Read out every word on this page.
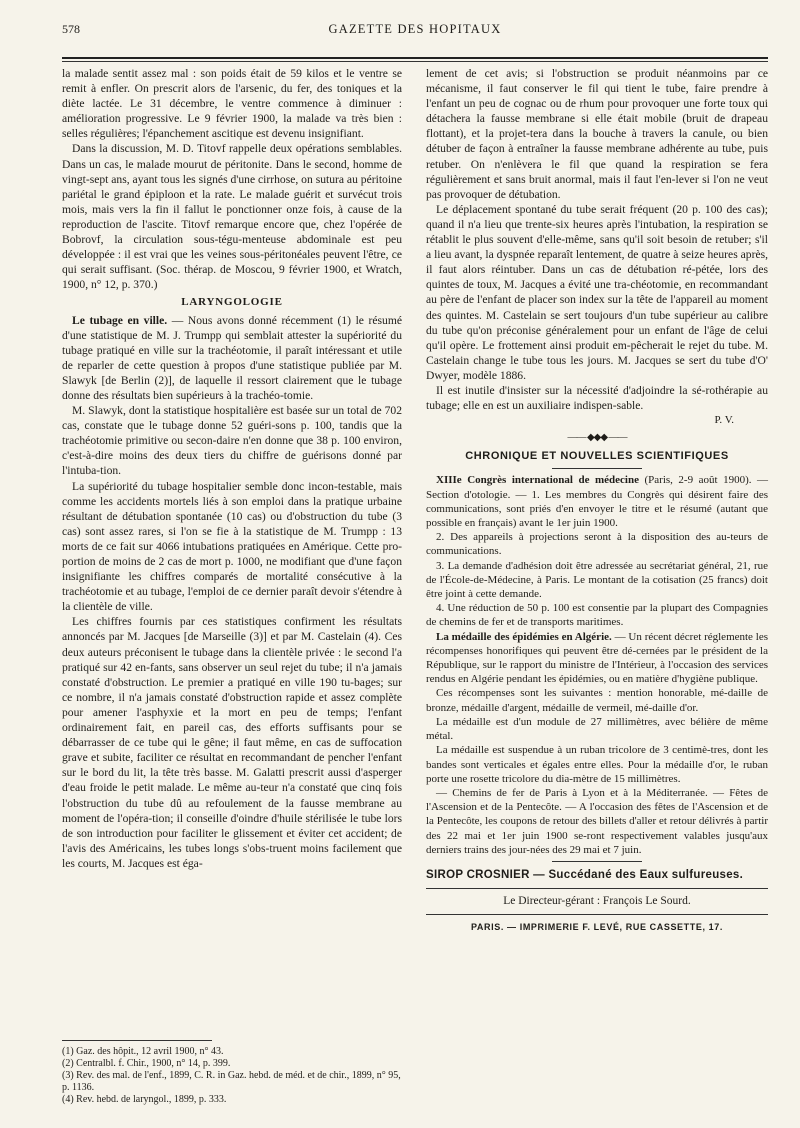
578	GAZETTE DES HOPITAUX

la malade sentit assez mal : son poids était de 59 kilos et le ventre se remit à enfler. On prescrit alors de l'arsenic, du fer, des toniques et la diète lactée. Le 31 décembre, le ventre commence à diminuer : amélioration progressive. Le 9 février 1900, la malade va très bien : selles régulières; l'épanchement ascitique est devenu insignifiant.

Dans la discussion, M. D. Titovf rappelle deux opérations semblables. Dans un cas, le malade mourut de péritonite. Dans le second, homme de vingt-sept ans, ayant tous les signés d'une cirrhose, on sutura au péritoine pariétal le grand épiploon et la rate. Le malade guérit et survécut trois mois, mais vers la fin il fallut le ponctionner onze fois, à cause de la reproduction de l'ascite. Titovf remarque encore que, chez l'opérée de Bobrovf, la circulation sous-tégu-menteuse abdominale est peu développée : il est vrai que les veines sous-péritonéales peuvent l'être, ce qui serait suffisant. (Soc. thérap. de Moscou, 9 février 1900, et Wratch, 1900, n° 12, p. 370.)

LARYNGOLOGIE

Le tubage en ville. — Nous avons donné récemment (1) le résumé d'une statistique de M. J. Trumpp qui semblait attester la supériorité du tubage pratiqué en ville sur la trachéotomie, il paraît intéressant et utile de reparler de cette question à propos d'une statistique publiée par M. Slawyk [de Berlin (2)], de laquelle il ressort clairement que le tubage donne des résultats bien supérieurs à la trachéo-tomie.

M. Slawyk, dont la statistique hospitalière est basée sur un total de 702 cas, constate que le tubage donne 52 guéri-sons p. 100, tandis que la trachéotomie primitive ou secon-daire n'en donne que 38 p. 100 environ, c'est-à-dire moins des deux tiers du chiffre de guérisons donné par l'intuba-tion.

La supériorité du tubage hospitalier semble donc incon-testable, mais comme les accidents mortels liés à son emploi dans la pratique urbaine résultant de détubation spontanée (10 cas) ou d'obstruction du tube (3 cas) sont assez rares, si l'on se fie à la statistique de M. Trumpp : 13 morts de ce fait sur 4066 intubations pratiquées en Amérique. Cette pro-portion de moins de 2 cas de mort p. 1000, ne modifiant que d'une façon insignifiante les chiffres comparés de mortalité consécutive à la trachéotomie et au tubage, l'emploi de ce dernier paraît devoir s'étendre à la clientèle de ville.

Les chiffres fournis par ces statistiques confirment les résultats annoncés par M. Jacques [de Marseille (3)] et par M. Castelain (4). Ces deux auteurs préconisent le tubage dans la clientèle privée : le second l'a pratiqué sur 42 en-fants, sans observer un seul rejet du tube; il n'a jamais constaté d'obstruction. Le premier a pratiqué en ville 190 tu-bages; sur ce nombre, il n'a jamais constaté d'obstruction rapide et assez complète pour amener l'asphyxie et la mort en peu de temps; l'enfant ordinairement fait, en pareil cas, des efforts suffisants pour se débarrasser de ce tube qui le gêne; il faut même, en cas de suffocation grave et subite, faciliter ce résultat en recommandant de pencher l'enfant sur le bord du lit, la tête très basse. M. Galatti prescrit aussi d'asperger d'eau froide le petit malade. Le même au-teur n'a constaté que cinq fois l'obstruction du tube dû au refoulement de la fausse membrane au moment de l'opéra-tion; il conseille d'oindre d'huile stérilisée le tube lors de son introduction pour faciliter le glissement et éviter cet accident; de l'avis des Américains, les tubes longs s'obs-truent moins facilement que les courts, M. Jacques est éga-

(1) Gaz. des hôpit., 12 avril 1900, n° 43.
(2) Centralbl. f. Chir., 1900, n° 14, p. 399.
(3) Rev. des mal. de l'enf., 1899, C. R. in Gaz. hebd. de méd. et de chir., 1899, n° 95, p. 1136.
(4) Rev. hebd. de laryngol., 1899, p. 333.

lement de cet avis; si l'obstruction se produit néanmoins par ce mécanisme, il faut conserver le fil qui tient le tube, faire prendre à l'enfant un peu de cognac ou de rhum pour provoquer une forte toux qui détachera la fausse membrane si elle était mobile (bruit de drapeau flottant), et la projet-tera dans la bouche à travers la canule, ou bien détuber de façon à entraîner la fausse membrane adhérente au tube, puis retuber. On n'enlèvera le fil que quand la respiration se fera régulièrement et sans bruit anormal, mais il faut l'en-lever si l'on ne veut pas provoquer de détubation.

Le déplacement spontané du tube serait fréquent (20 p. 100 des cas); quand il n'a lieu que trente-six heures après l'intubation, la respiration se rétablit le plus souvent d'elle-même, sans qu'il soit besoin de retuber; s'il a lieu avant, la dyspnée reparaît lentement, de quatre à seize heures après, il faut alors réintuber. Dans un cas de détubation ré-pétée, lors des quintes de toux, M. Jacques a évité une tra-chéotomie, en recommandant au père de l'enfant de placer son index sur la tête de l'appareil au moment des quintes. M. Castelain se sert toujours d'un tube supérieur au calibre du tube qu'on préconise généralement pour un enfant de l'âge de celui qu'il opère. Le frottement ainsi produit em-pêcherait le rejet du tube. M. Castelain change le tube tous les jours. M. Jacques se sert du tube d'O' Dwyer, modèle 1886.

Il est inutile d'insister sur la nécessité d'adjoindre la sé-rothérapie au tubage; elle en est un auxiliaire indispen-sable.

P. V.
—— ◆◆◆ ——
CHRONIQUE ET NOUVELLES SCIENTIFIQUES

XIIIe Congrès international de médecine (Paris, 2-9 août 1900). — Section d'otologie. — 1. Les membres du Congrès qui désirent faire des communications, sont priés d'en envoyer le titre et le résumé (autant que possible en français) avant le 1er juin 1900.

2. Des appareils à projections seront à la disposition des au-teurs de communications.

3. La demande d'adhésion doit être adressée au secrétariat général, 21, rue de l'École-de-Médecine, à Paris. Le montant de la cotisation (25 francs) doit être joint à cette demande.

4. Une réduction de 50 p. 100 est consentie par la plupart des Compagnies de chemins de fer et de transports maritimes.

La médaille des épidémies en Algérie. — Un récent décret réglemente les récompenses honorifiques qui peuvent être dé-cernées par le président de la République, sur le rapport du ministre de l'Intérieur, à l'occasion des services rendus en Algérie pendant les épidémies, ou en matière d'hygiène publique.

Ces récompenses sont les suivantes : mention honorable, mé-daille de bronze, médaille d'argent, médaille de vermeil, mé-daille d'or.

La médaille est d'un module de 27 millimètres, avec bélière de même métal.

La médaille est suspendue à un ruban tricolore de 3 centimè-tres, dont les bandes sont verticales et égales entre elles. Pour la médaille d'or, le ruban porte une rosette tricolore du dia-mètre de 15 millimètres.

— Chemins de fer de Paris à Lyon et à la Méditerranée. — Fêtes de l'Ascension et de la Pentecôte. — A l'occasion des fêtes de l'Ascension et de la Pentecôte, les coupons de retour des billets d'aller et retour délivrés à partir des 22 mai et 1er juin 1900 se-ront respectivement valables jusqu'aux derniers trains des jour-nées des 29 mai et 7 juin.

SIROP CROSNIER — Succédané des Eaux sulfureuses.
Le Directeur-gérant : François Le Sourd.
PARIS. — IMPRIMERIE F. LEVÉ, RUE CASSETTE, 17.
